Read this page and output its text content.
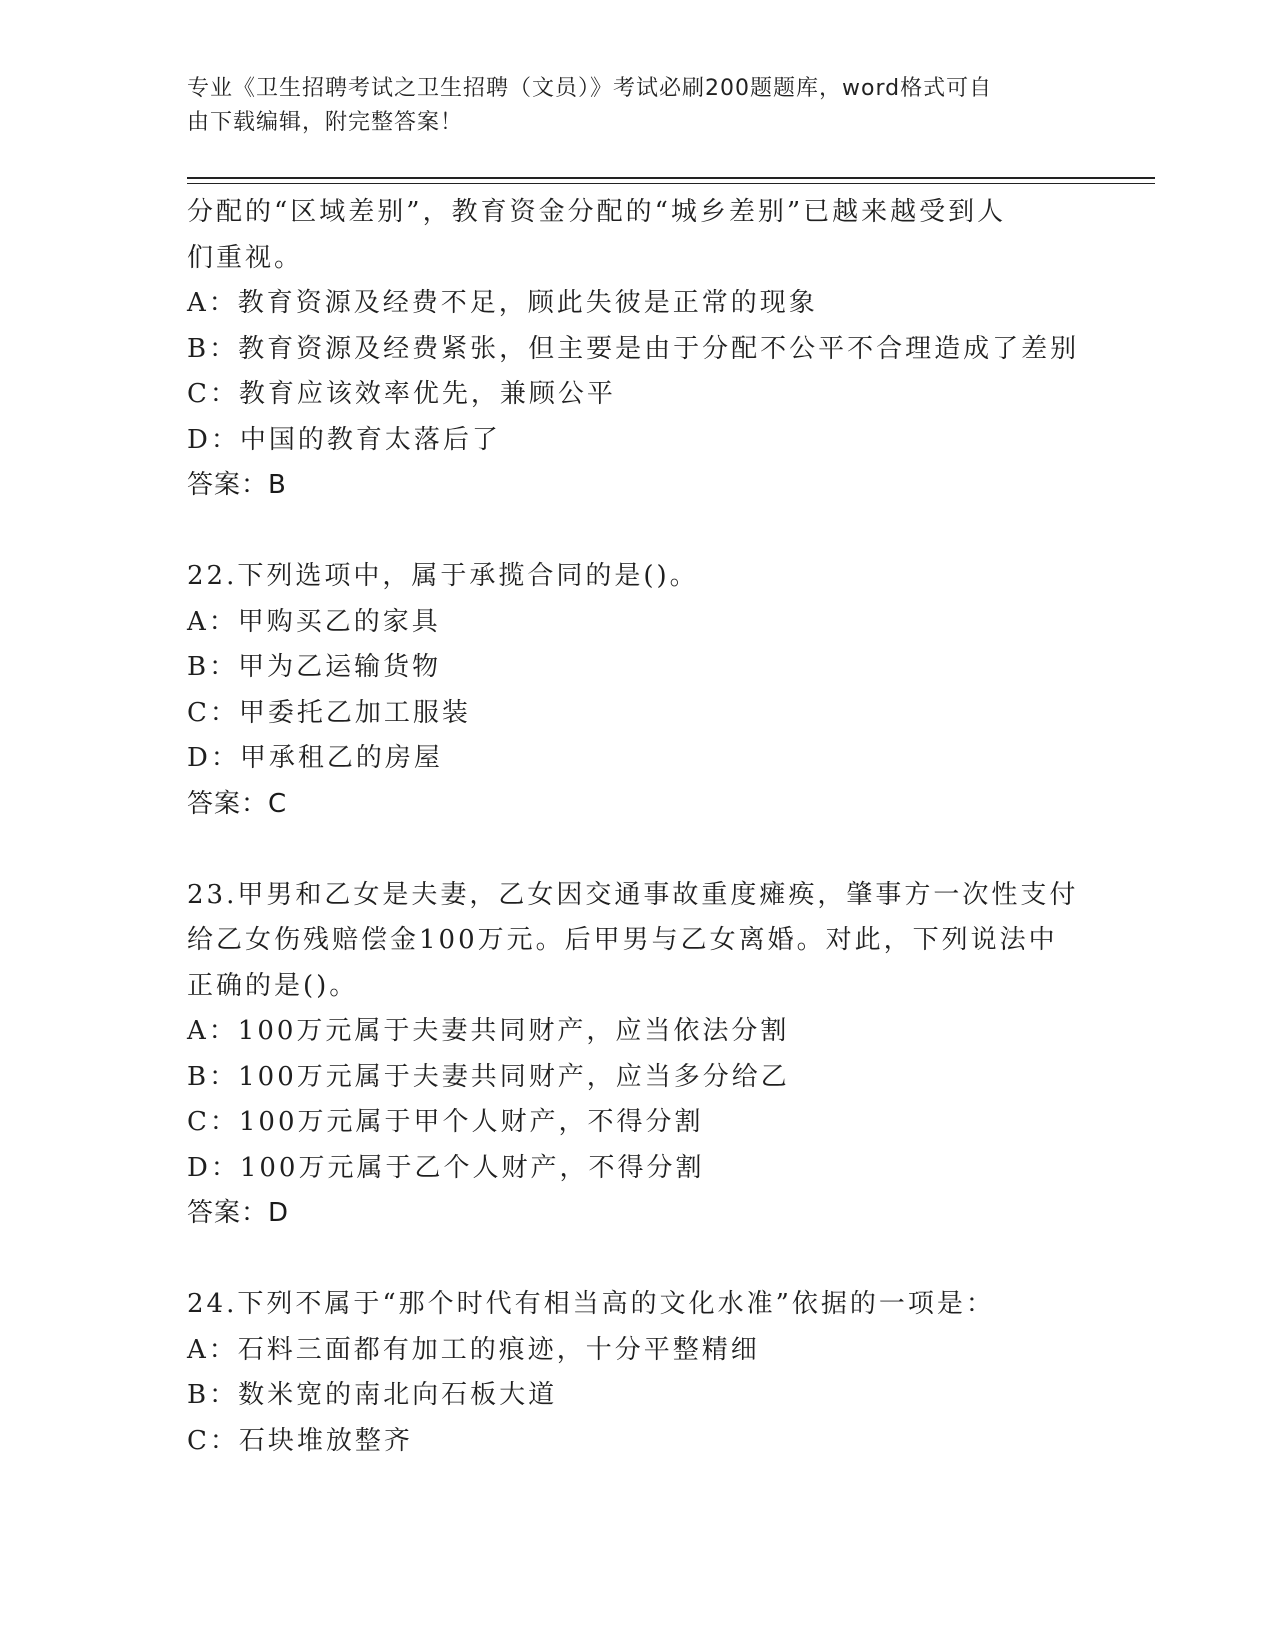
专业《卫生招聘考试之卫生招聘（文员）》考试必刷200题题库，word格式可自
由下载编辑，附完整答案！
分配的“区域差别”，教育资金分配的“城乡差别”已越来越受到人
们重视。
A：教育资源及经费不足，顾此失彼是正常的现象
B：教育资源及经费紧张，但主要是由于分配不公平不合理造成了差别
C：教育应该效率优先，兼顾公平
D：中国的教育太落后了
答案：B
22.下列选项中，属于承揽合同的是()。
A：甲购买乙的家具
B：甲为乙运输货物
C：甲委托乙加工服装
D：甲承租乙的房屋
答案：C
23.甲男和乙女是夫妻，乙女因交通事故重度瘫痪，肇事方一次性支付
给乙女伤残赔偿金100万元。后甲男与乙女离婚。对此，下列说法中
正确的是()。
A：100万元属于夫妻共同财产，应当依法分割
B：100万元属于夫妻共同财产，应当多分给乙
C：100万元属于甲个人财产，不得分割
D：100万元属于乙个人财产，不得分割
答案：D
24.下列不属于“那个时代有相当高的文化水准”依据的一项是：
A：石料三面都有加工的痕迹，十分平整精细
B：数米宽的南北向石板大道
C：石块堆放整齐
